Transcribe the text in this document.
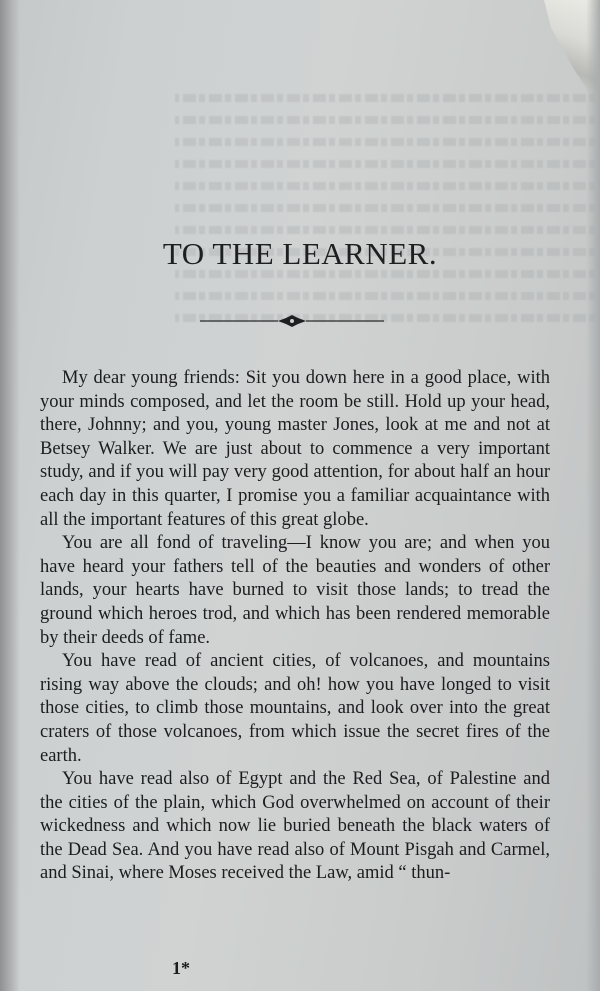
TO THE LEARNER.

My dear young friends: Sit you down here in a good place, with your minds composed, and let the room be still. Hold up your head, there, Johnny; and you, young master Jones, look at me and not at Betsey Walker. We are just about to commence a very important study, and if you will pay very good attention, for about half an hour each day in this quarter, I promise you a familiar acquaintance with all the important features of this great globe.

You are all fond of traveling—I know you are; and when you have heard your fathers tell of the beauties and wonders of other lands, your hearts have burned to visit those lands; to tread the ground which heroes trod, and which has been rendered memorable by their deeds of fame.

You have read of ancient cities, of volcanoes, and mountains rising way above the clouds; and oh! how you have longed to visit those cities, to climb those mountains, and look over into the great craters of those volcanoes, from which issue the secret fires of the earth.

You have read also of Egypt and the Red Sea, of Palestine and the cities of the plain, which God overwhelmed on account of their wickedness and which now lie buried beneath the black waters of the Dead Sea. And you have read also of Mount Pisgah and Carmel, and Sinai, where Moses received the Law, amid “ thun-

1*
